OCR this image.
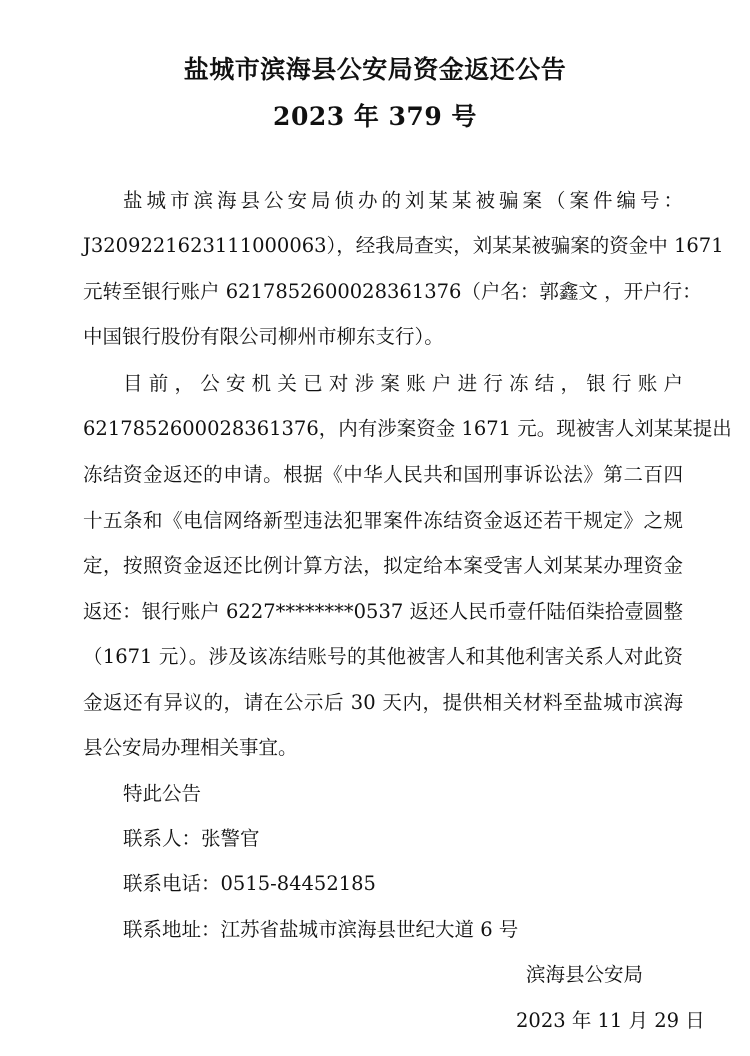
盐城市滨海县公安局资金返还公告
2023 年 379 号
盐城市滨海县公安局侦办的刘某某被骗案（案件编号：
J3209221623111000063），经我局查实，刘某某被骗案的资金中 1671
元转至银行账户 6217852600028361376（户名：郭鑫文 ，开户行：
中国银行股份有限公司柳州市柳东支行）。
目前，公安机关已对涉案账户进行冻结，银行账户
6217852600028361376，内有涉案资金 1671 元。现被害人刘某某提出
冻结资金返还的申请。根据《中华人民共和国刑事诉讼法》第二百四
十五条和《电信网络新型违法犯罪案件冻结资金返还若干规定》之规
定，按照资金返还比例计算方法，拟定给本案受害人刘某某办理资金
返还：银行账户 6227********0537 返还人民币壹仟陆佰柒拾壹圆整
（1671 元）。涉及该冻结账号的其他被害人和其他利害关系人对此资
金返还有异议的，请在公示后 30 天内，提供相关材料至盐城市滨海
县公安局办理相关事宜。
特此公告
联系人：张警官
联系电话：0515-84452185
联系地址：江苏省盐城市滨海县世纪大道 6 号
滨海县公安局
2023 年 11 月 29 日
